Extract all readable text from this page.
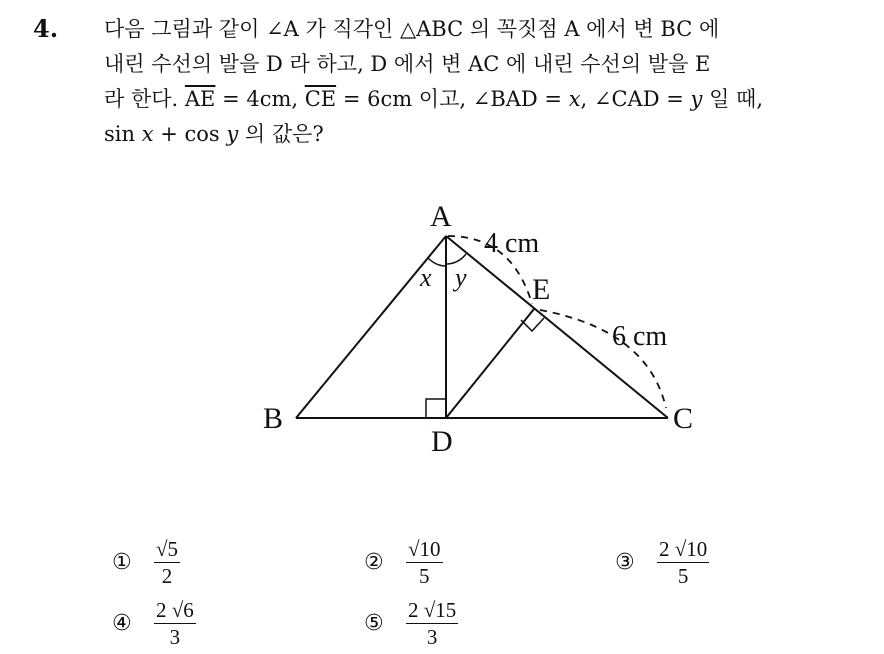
4. 다음 그림과 같이 ∠A 가 직각인 △ABC 의 꼭짓점 A 에서 변 BC 에
내린 수선의 발을 D 라 하고, D 에서 변 AC 에 내린 수선의 발을 E
라 한다. $\overline{AE} = 4cm$, $\overline{CE} = 6cm$ 이고, ∠BAD = x, ∠CAD = y 일 때,
sin x + cos y 의 값은?
A
B	C
D
E
x y
4 cm
6 cm
①	$\frac{√5}{2}$	②	$\frac{√10}{5}$	③	$\frac{2 √10}{5}$
④	$\frac{2 √6}{3}$	⑤	$\frac{2 √15}{3}$
